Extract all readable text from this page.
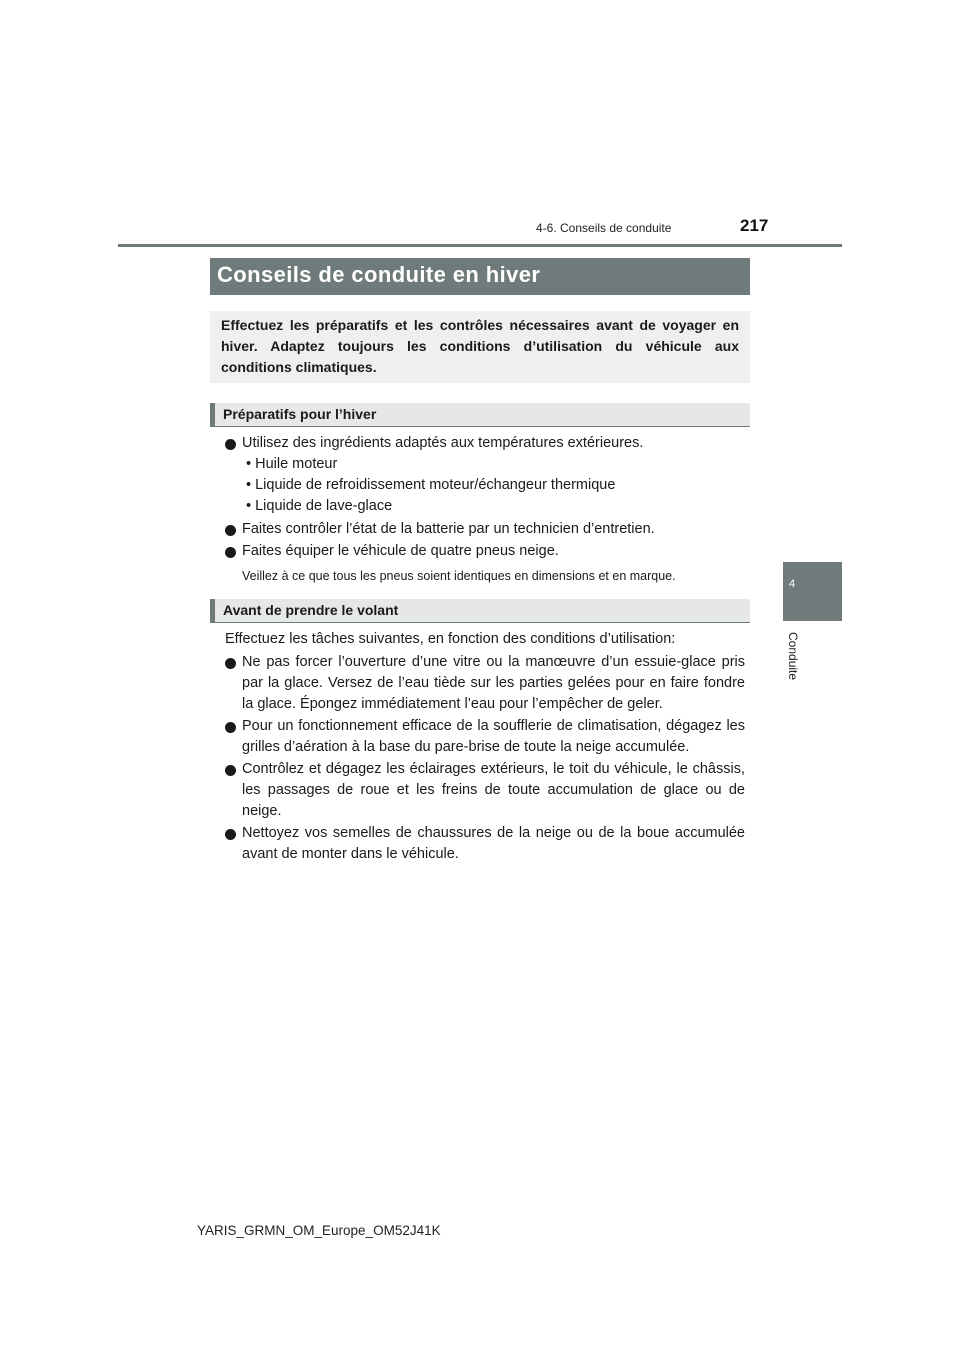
4-6. Conseils de conduite	217
4
Conduite
Conseils de conduite en hiver
Effectuez les préparatifs et les contrôles nécessaires avant de voyager en hiver. Adaptez toujours les conditions d’utilisation du véhicule aux conditions climatiques.
Préparatifs pour l’hiver
Utilisez des ingrédients adaptés aux températures extérieures.
• Huile moteur
• Liquide de refroidissement moteur/échangeur thermique
• Liquide de lave-glace
Faites contrôler l’état de la batterie par un technicien d’entretien.
Faites équiper le véhicule de quatre pneus neige.
Veillez à ce que tous les pneus soient identiques en dimensions et en marque.
Avant de prendre le volant
Effectuez les tâches suivantes, en fonction des conditions d’utilisation:
Ne pas forcer l’ouverture d’une vitre ou la manœuvre d’un essuie-glace pris par la glace. Versez de l’eau tiède sur les parties gelées pour en faire fondre la glace. Épongez immédiatement l’eau pour l’empêcher de geler.
Pour un fonctionnement efficace de la soufflerie de climatisation, dégagez les grilles d’aération à la base du pare-brise de toute la neige accumulée.
Contrôlez et dégagez les éclairages extérieurs, le toit du véhicule, le châssis, les passages de roue et les freins de toute accumulation de glace ou de neige.
Nettoyez vos semelles de chaussures de la neige ou de la boue accumulée avant de monter dans le véhicule.
YARIS_GRMN_OM_Europe_OM52J41K
